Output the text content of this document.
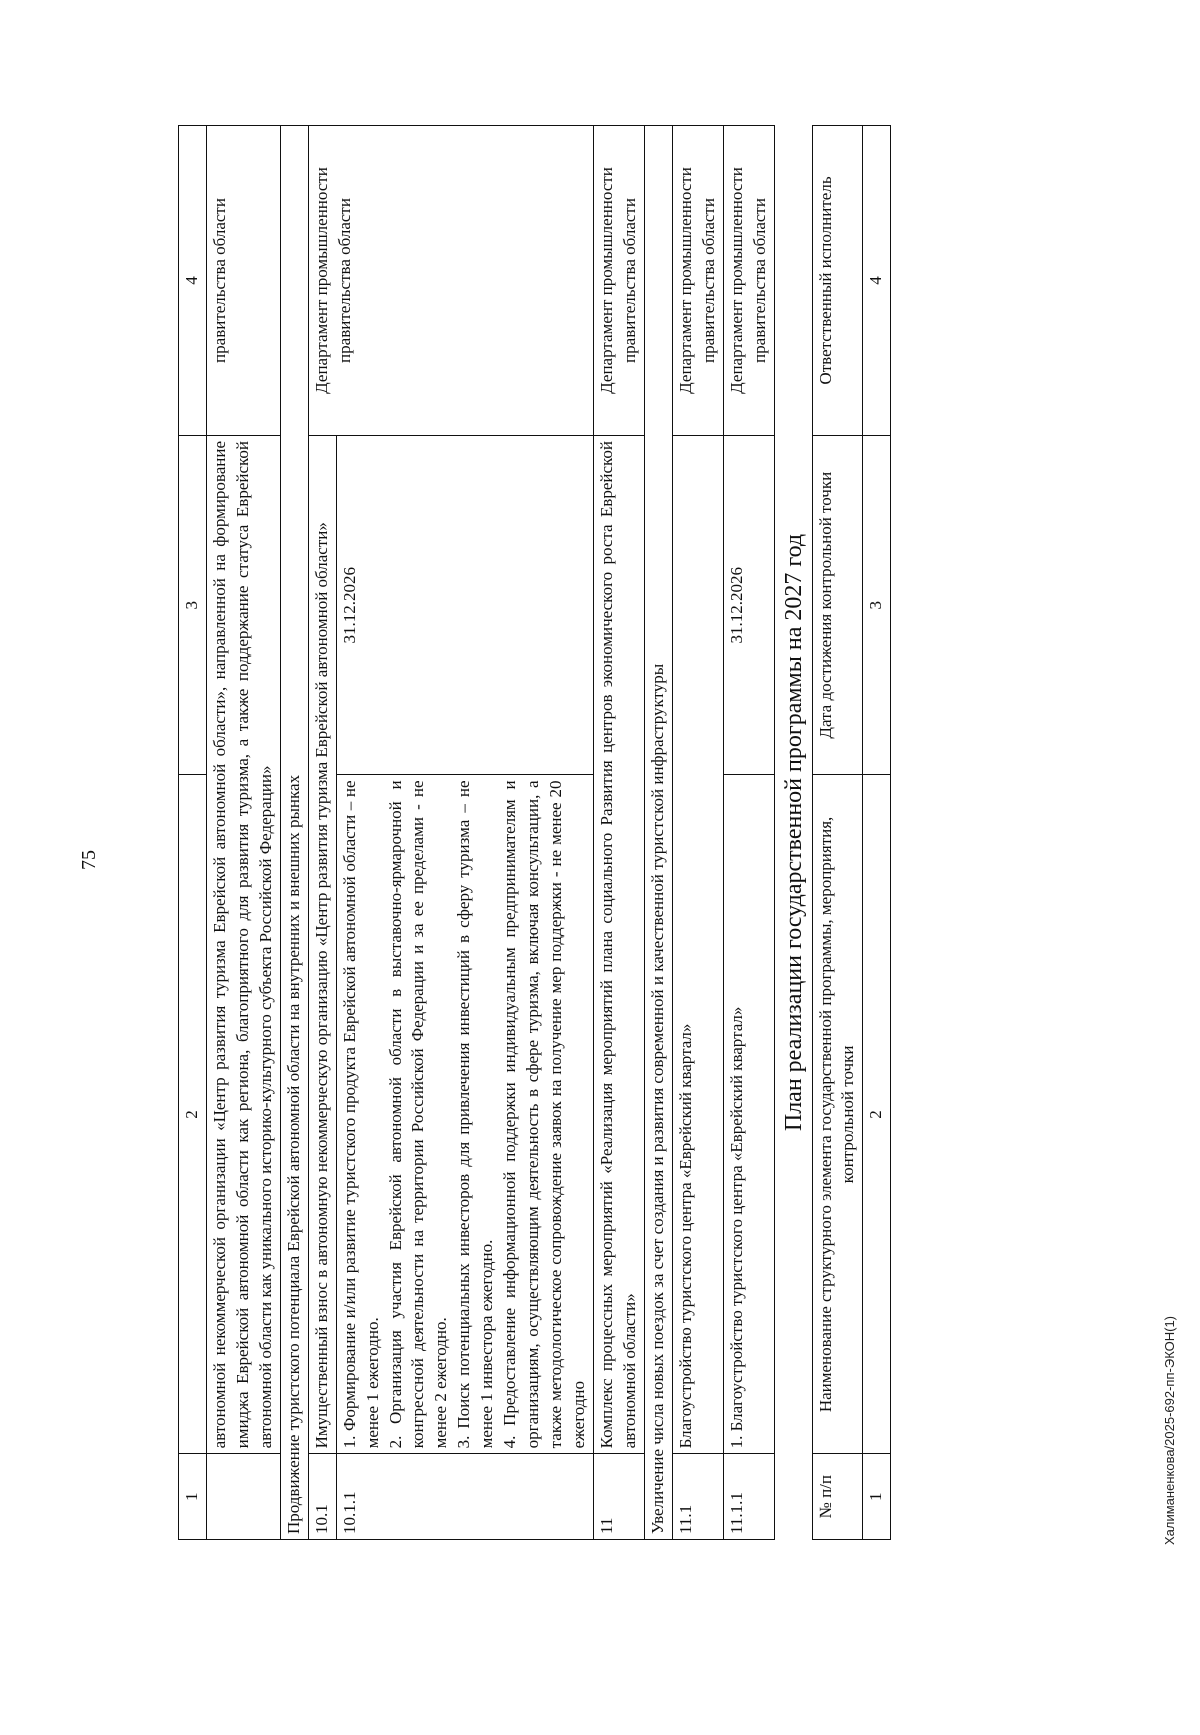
75
1	2	3	4
	автономной некоммерческой организации «Центр развития туризма Еврейской автономной области», направленной на формирование имиджа Еврейской автономной области как региона, благоприятного для развития туризма, а также поддержание статуса Еврейской автономной области как уникального историко-культурного субъекта Российской Федерации»		правительства области
Продвижение туристского потенциала Еврейской автономной области на внутренних и внешних рынках			
10.1	Имущественный взнос в автономную некоммерческую организацию «Центр развития туризма Еврейской автономной области»		Департамент промышленности правительства области
10.1.1	1. Формирование и/или развитие туристского продукта Еврейской автономной области – не менее 1 ежегодно. 2. Организация участия Еврейской автономной области в выставочно-ярмарочной и конгрессной деятельности на территории Российской Федерации и за ее пределами - не менее 2 ежегодно. 3. Поиск потенциальных инвесторов для привлечения инвестиций в сферу туризма – не менее 1 инвестора ежегодно. 4. Предоставление информационной поддержки индивидуальным предпринимателям и организациям, осуществляющим деятельность в сфере туризма, включая консультации, а также методологическое сопровождение заявок на получение мер поддержки - не менее 20 ежегодно	31.12.2026	
11	Комплекс процессных мероприятий «Реализация мероприятий плана социального Развития центров экономического роста Еврейской автономной области»		Департамент промышленности правительства области
Увеличение числа новых поездок за счет создания и развития современной и качественной туристской инфраструктуры			
11.1	Благоустройство туристского центра «Еврейский квартал»		Департамент промышленности правительства области
11.1.1	1. Благоустройство туристского центра «Еврейский квартал»	31.12.2026	Департамент промышленности правительства области
План реализации государственной программы на 2027 год
№ п/п	Наименование структурного элемента государственной программы, мероприятия, контрольной точки	Дата достижения контрольной точки	Ответственный исполнитель
1	2	3	4
Халиманенкова/2025-692-пп-ЭКОН(1)
